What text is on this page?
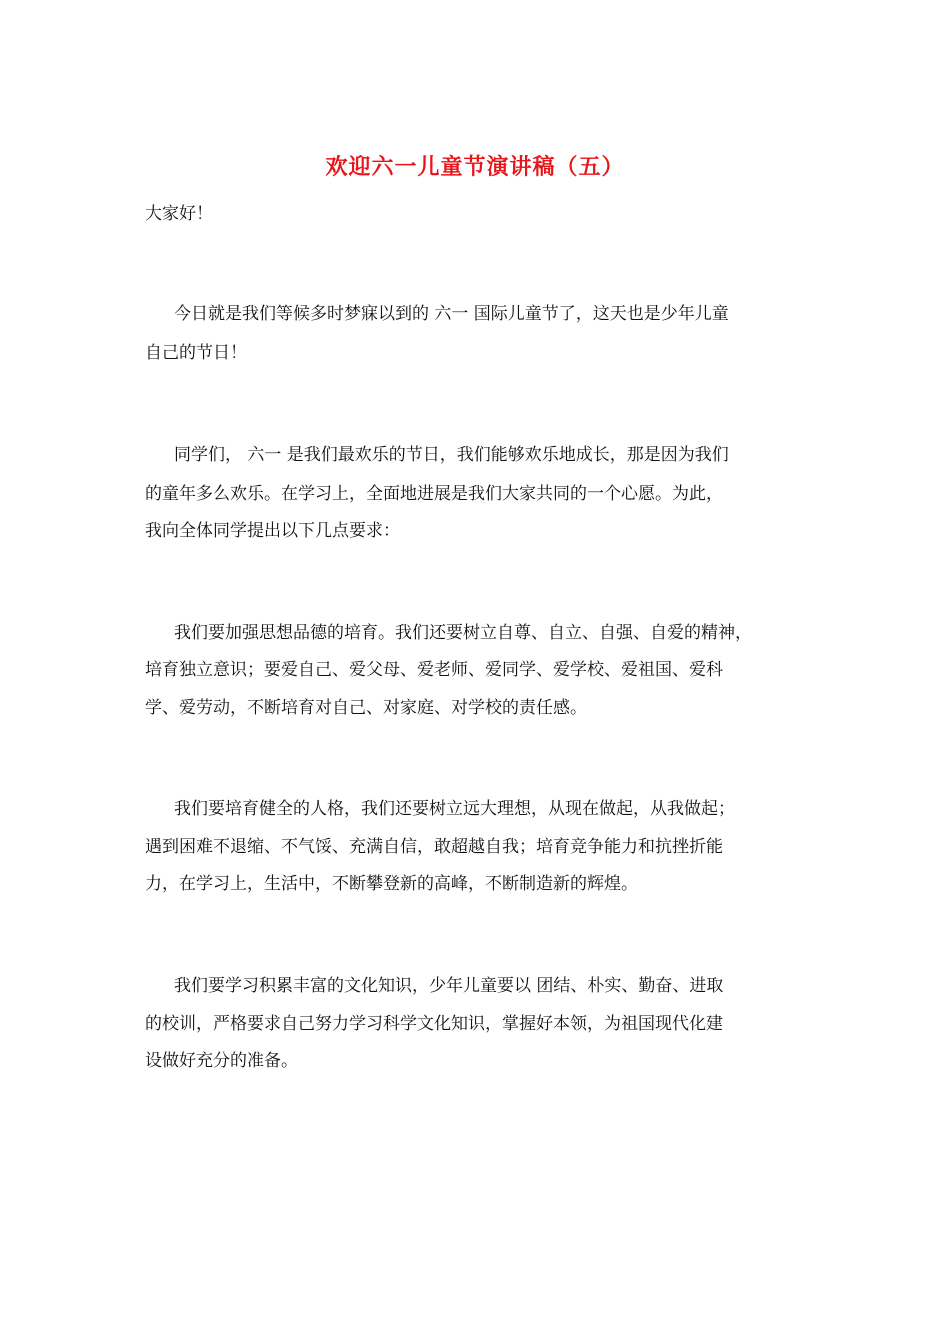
欢迎六一儿童节演讲稿（五）
大家好！
今日就是我们等候多时梦寐以到的 六一 国际儿童节了，这天也是少年儿童
自己的节日！
同学们， 六一 是我们最欢乐的节日，我们能够欢乐地成长，那是因为我们
的童年多么欢乐。在学习上，全面地进展是我们大家共同的一个心愿。为此，
我向全体同学提出以下几点要求：
我们要加强思想品德的培育。我们还要树立自尊、自立、自强、自爱的精神，
培育独立意识；要爱自己、爱父母、爱老师、爱同学、爱学校、爱祖国、爱科
学、爱劳动，不断培育对自己、对家庭、对学校的责任感。
我们要培育健全的人格，我们还要树立远大理想，从现在做起，从我做起；
遇到困难不退缩、不气馁、充满自信，敢超越自我；培育竞争能力和抗挫折能
力，在学习上，生活中，不断攀登新的高峰，不断制造新的辉煌。
我们要学习积累丰富的文化知识，少年儿童要以 团结、朴实、勤奋、进取
的校训，严格要求自己努力学习科学文化知识，掌握好本领，为祖国现代化建
设做好充分的准备。
